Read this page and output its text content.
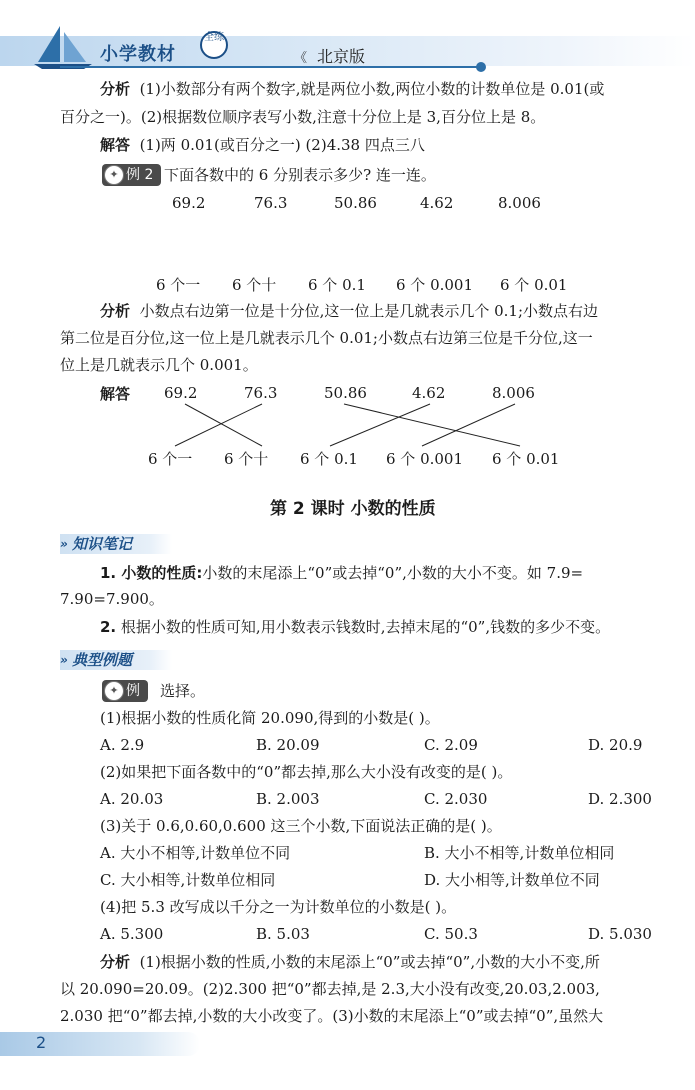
小学教材
全练
《 北京版
分析 (1)小数部分有两个数字,就是两位小数,两位小数的计数单位是 0.01(或
百分之一)。(2)根据数位顺序表写小数,注意十分位上是 3,百分位上是 8。
解答 (1)两 0.01(或百分之一) (2)4.38 四点三八
✦ 例 2 下面各数中的 6 分别表示多少? 连一连。
69.2	76.3	50.86	4.62	8.006
6 个一 6 个十 6 个 0.1 6 个 0.001 6 个 0.01
分析 小数点右边第一位是十分位,这一位上是几就表示几个 0.1;小数点右边
第二位是百分位,这一位上是几就表示几个 0.01;小数点右边第三位是千分位,这一
位上是几就表示几个 0.001。
解答 69.2	76.3	50.86	4.62	8.006
6 个一 6 个十 6 个 0.1 6 个 0.001 6 个 0.01
第 2 课时 小数的性质
» 知识笔记
1. 小数的性质:小数的末尾添上“0”或去掉“0”,小数的大小不变。如 7.9=
7.90=7.900。
2. 根据小数的性质可知,用小数表示钱数时,去掉末尾的“0”,钱数的多少不变。
» 典型例题
✦ 例	选择。
(1)根据小数的性质化简 20.090,得到的小数是( )。
A. 2.9	B. 20.09	C. 2.09	D. 20.9
(2)如果把下面各数中的“0”都去掉,那么大小没有改变的是( )。
A. 20.03	B. 2.003	C. 2.030	D. 2.300
(3)关于 0.6,0.60,0.600 这三个小数,下面说法正确的是( )。
A. 大小不相等,计数单位不同	B. 大小不相等,计数单位相同
C. 大小相等,计数单位相同	D. 大小相等,计数单位不同
(4)把 5.3 改写成以千分之一为计数单位的小数是( )。
A. 5.300	B. 5.03	C. 50.3	D. 5.030
分析 (1)根据小数的性质,小数的末尾添上“0”或去掉“0”,小数的大小不变,所
以 20.090=20.09。(2)2.300 把“0”都去掉,是 2.3,大小没有改变,20.03,2.003,
2.030 把“0”都去掉,小数的大小改变了。(3)小数的末尾添上“0”或去掉“0”,虽然大
2
